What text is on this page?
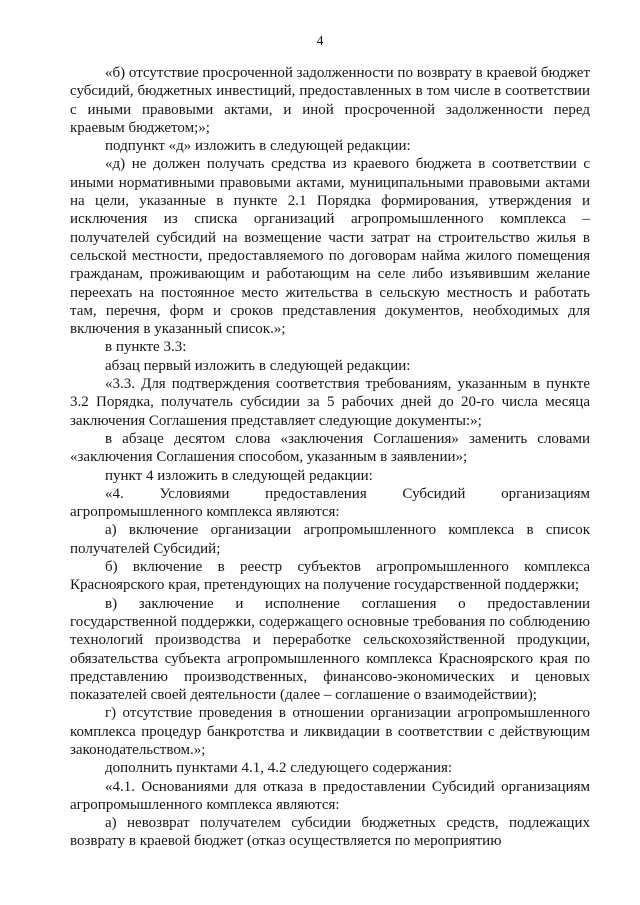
4

«б) отсутствие просроченной задолженности по возврату в краевой бюджет субсидий, бюджетных инвестиций, предоставленных в том числе в соответствии с иными правовыми актами, и иной просроченной задолженности перед краевым бюджетом;»;

подпункт «д» изложить в следующей редакции:

«д) не должен получать средства из краевого бюджета в соответствии с иными нормативными правовыми актами, муниципальными правовыми актами на цели, указанные в пункте 2.1 Порядка формирования, утверждения и исключения из списка организаций агропромышленного комплекса – получателей субсидий на возмещение части затрат на строительство жилья в сельской местности, предоставляемого по договорам найма жилого помещения гражданам, проживающим и работающим на селе либо изъявившим желание переехать на постоянное место жительства в сельскую местность и работать там, перечня, форм и сроков представления документов, необходимых для включения в указанный список.»;

в пункте 3.3:

абзац первый изложить в следующей редакции:

«3.3. Для подтверждения соответствия требованиям, указанным в пункте 3.2 Порядка, получатель субсидии за 5 рабочих дней до 20-го числа месяца заключения Соглашения представляет следующие документы:»;

в абзаце десятом слова «заключения Соглашения» заменить словами «заключения Соглашения способом, указанным в заявлении»;

пункт 4 изложить в следующей редакции:

«4. Условиями предоставления Субсидий организациям агропромышленного комплекса являются:

а) включение организации агропромышленного комплекса в список получателей Субсидий;

б) включение в реестр субъектов агропромышленного комплекса Красноярского края, претендующих на получение государственной поддержки;

в) заключение и исполнение соглашения о предоставлении государственной поддержки, содержащего основные требования по соблюдению технологий производства и переработке сельскохозяйственной продукции, обязательства субъекта агропромышленного комплекса Красноярского края по представлению производственных, финансово-экономических и ценовых показателей своей деятельности (далее – соглашение о взаимодействии);

г) отсутствие проведения в отношении организации агропромышленного комплекса процедур банкротства и ликвидации в соответствии с действующим законодательством.»;

дополнить пунктами 4.1, 4.2 следующего содержания:

«4.1. Основаниями для отказа в предоставлении Субсидий организациям агропромышленного комплекса являются:

а) невозврат получателем субсидии бюджетных средств, подлежащих возврату в краевой бюджет (отказ осуществляется по мероприятию
